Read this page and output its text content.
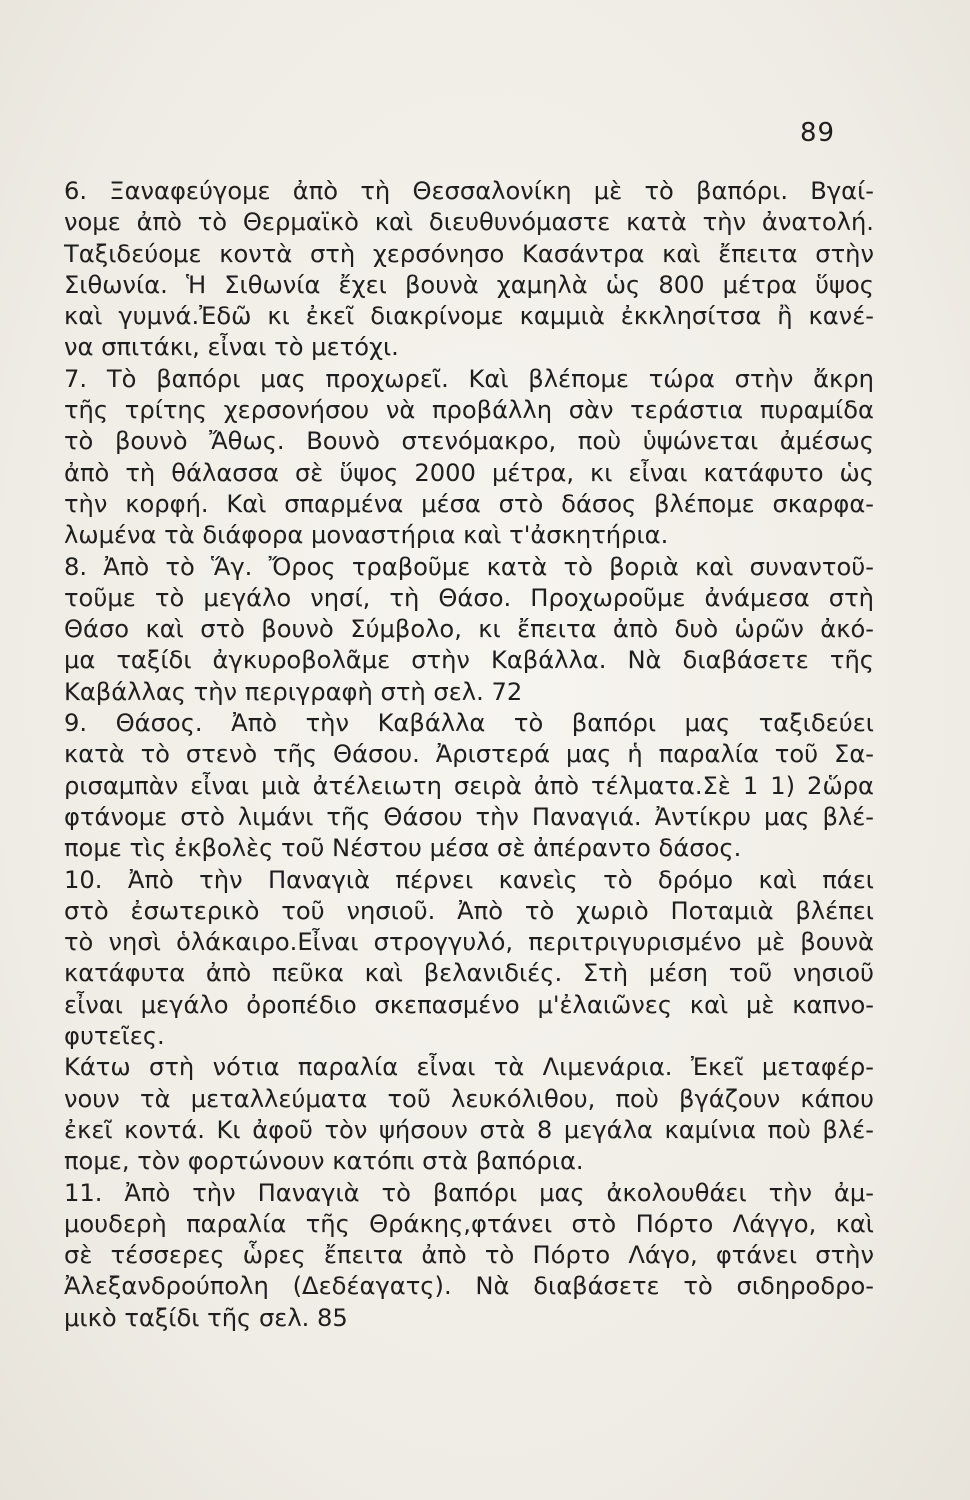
89
6. Ξαναφεύγομε ἀπὸ τὴ Θεσσαλονίκη μὲ τὸ βαπόρι. Βγαί-
νομε ἀπὸ τὸ Θερμαϊκὸ καὶ διευθυνόμαστε κατὰ τὴν ἀνατολή.
Ταξιδεύομε κοντὰ στὴ χερσόνησο Κασάντρα καὶ ἔπειτα στὴν
Σιθωνία. Ἡ Σιθωνία ἔχει βουνὰ χαμηλὰ ὡς 800 μέτρα ὕψος
καὶ γυμνά.Ἐδῶ κι ἐκεῖ διακρίνομε καμμιὰ ἐκκλησίτσα ἢ κανέ-
να σπιτάκι, εἶναι τὸ μετόχι.
7. Τὸ βαπόρι μας προχωρεῖ. Καὶ βλέπομε τώρα στὴν ἄκρη
τῆς τρίτης χερσονήσου νὰ προβάλλη σὰν τεράστια πυραμίδα
τὸ βουνὸ Ἄθως. Βουνὸ στενόμακρο, ποὺ ὑψώνεται ἀμέσως
ἀπὸ τὴ θάλασσα σὲ ὕψος 2000 μέτρα, κι εἶναι κατάφυτο ὡς
τὴν κορφή. Καὶ σπαρμένα μέσα στὸ δάσος βλέπομε σκαρφα-
λωμένα τὰ διάφορα μοναστήρια καὶ τ'ἀσκητήρια.
8. Ἀπὸ τὸ Ἅγ. Ὄρος τραβοῦμε κατὰ τὸ βοριὰ καὶ συναντοῦ-
τοῦμε τὸ μεγάλο νησί, τὴ Θάσο. Προχωροῦμε ἀνάμεσα στὴ
Θάσο καὶ στὸ βουνὸ Σύμβολο, κι ἔπειτα ἀπὸ δυὸ ὡρῶν ἀκό-
μα ταξίδι ἀγκυροβολᾶμε στὴν Καβάλλα. Νὰ διαβάσετε τῆς
Καβάλλας τὴν περιγραφὴ στὴ σελ. 72
9. Θάσος. Ἀπὸ τὴν Καβάλλα τὸ βαπόρι μας ταξιδεύει
κατὰ τὸ στενὸ τῆς Θάσου. Ἀριστερά μας ἡ παραλία τοῦ Σα-
ρισαμπὰν εἶναι μιὰ ἀτέλειωτη σειρὰ ἀπὸ τέλματα.Σὲ 1 1) 2ὥρα
φτάνομε στὸ λιμάνι τῆς Θάσου τὴν Παναγιά. Ἀντίκρυ μας βλέ-
πομε τὶς ἐκβολὲς τοῦ Νέστου μέσα σὲ ἀπέραντο δάσος.
10. Ἀπὸ τὴν Παναγιὰ πέρνει κανεὶς τὸ δρόμο καὶ πάει
στὸ ἐσωτερικὸ τοῦ νησιοῦ. Ἀπὸ τὸ χωριὸ Ποταμιὰ βλέπει
τὸ νησὶ ὁλάκαιρο.Εἶναι στρογγυλό, περιτριγυρισμένο μὲ βουνὰ
κατάφυτα ἀπὸ πεῦκα καὶ βελανιδιές. Στὴ μέση τοῦ νησιοῦ
εἶναι μεγάλο ὀροπέδιο σκεπασμένο μ'ἐλαιῶνες καὶ μὲ καπνο-
φυτεῖες.
Κάτω στὴ νότια παραλία εἶναι τὰ Λιμενάρια. Ἐκεῖ μεταφέρ-
νουν τὰ μεταλλεύματα τοῦ λευκόλιθου, ποὺ βγάζουν κάπου
ἐκεῖ κοντά. Κι ἀφοῦ τὸν ψήσουν στὰ 8 μεγάλα καμίνια ποὺ βλέ-
πομε, τὸν φορτώνουν κατόπι στὰ βαπόρια.
11. Ἀπὸ τὴν Παναγιὰ τὸ βαπόρι μας ἀκολουθάει τὴν ἀμ-
μουδερὴ παραλία τῆς Θράκης,φτάνει στὸ Πόρτο Λάγγο, καὶ
σὲ τέσσερες ὧρες ἔπειτα ἀπὸ τὸ Πόρτο Λάγο, φτάνει στὴν
Ἀλεξανδρούπολη (Δεδέαγατς). Νὰ διαβάσετε τὸ σιδηροδρο-
μικὸ ταξίδι τῆς σελ. 85
